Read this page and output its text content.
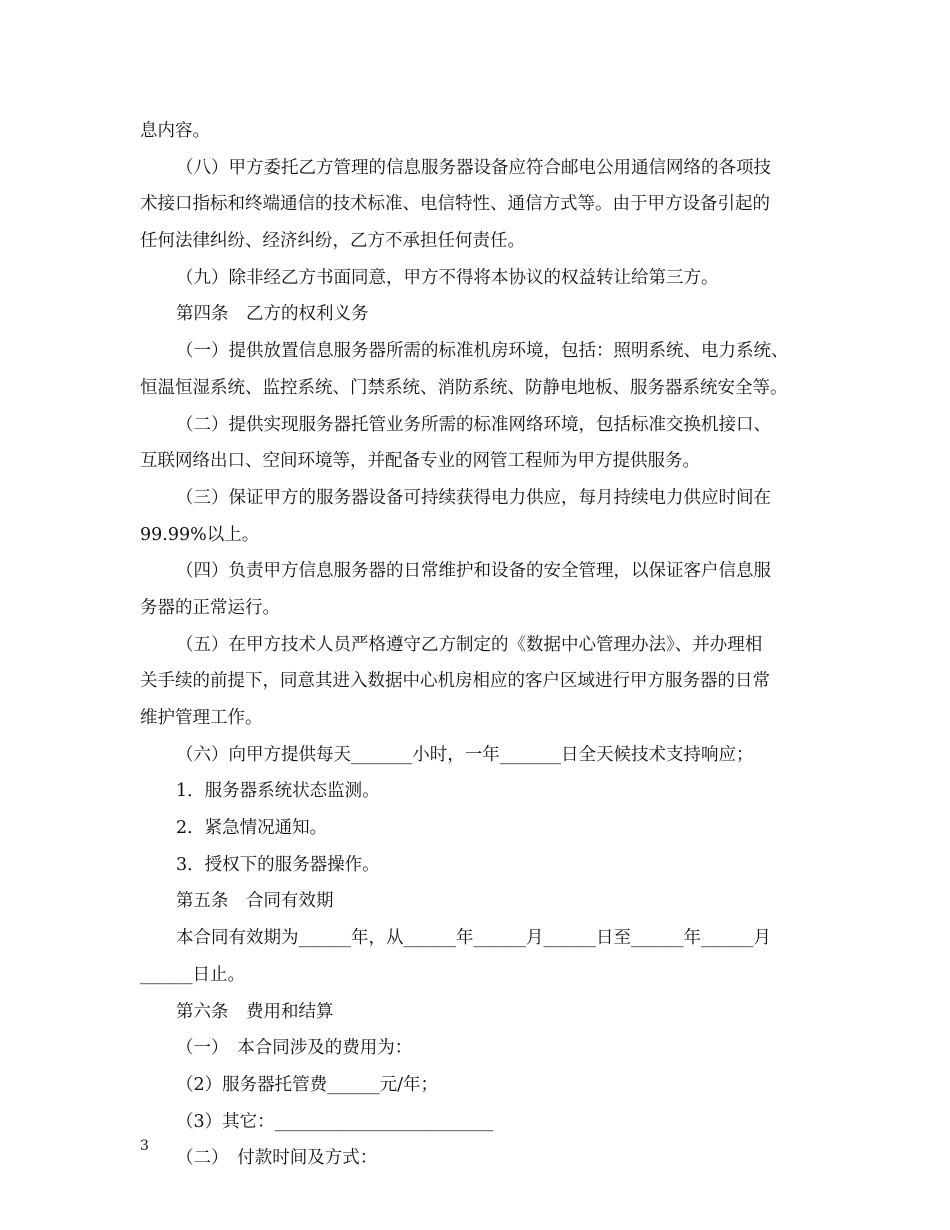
息内容。
（八）甲方委托乙方管理的信息服务器设备应符合邮电公用通信网络的各项技
术接口指标和终端通信的技术标准、电信特性、通信方式等。由于甲方设备引起的
任何法律纠纷、经济纠纷，乙方不承担任何责任。
（九）除非经乙方书面同意，甲方不得将本协议的权益转让给第三方。
第四条　乙方的权利义务
（一）提供放置信息服务器所需的标准机房环境，包括：照明系统、电力系统、
恒温恒湿系统、监控系统、门禁系统、消防系统、防静电地板、服务器系统安全等。
（二）提供实现服务器托管业务所需的标准网络环境，包括标准交换机接口、
互联网络出口、空间环境等，并配备专业的网管工程师为甲方提供服务。
（三）保证甲方的服务器设备可持续获得电力供应，每月持续电力供应时间在
99.99%以上。
（四）负责甲方信息服务器的日常维护和设备的安全管理，以保证客户信息服
务器的正常运行。
（五）在甲方技术人员严格遵守乙方制定的《数据中心管理办法》、并办理相
关手续的前提下，同意其进入数据中心机房相应的客户区域进行甲方服务器的日常
维护管理工作。
（六）向甲方提供每天_______小时，一年_______日全天候技术支持响应；
1．服务器系统状态监测。
2．紧急情况通知。
3．授权下的服务器操作。
第五条　合同有效期
本合同有效期为______年，从______年______月______日至______年______月
______日止。
第六条　费用和结算
（一）　本合同涉及的费用为：
（2）服务器托管费______元/年；
（3）其它：_________________________
（二）　付款时间及方式：
3
